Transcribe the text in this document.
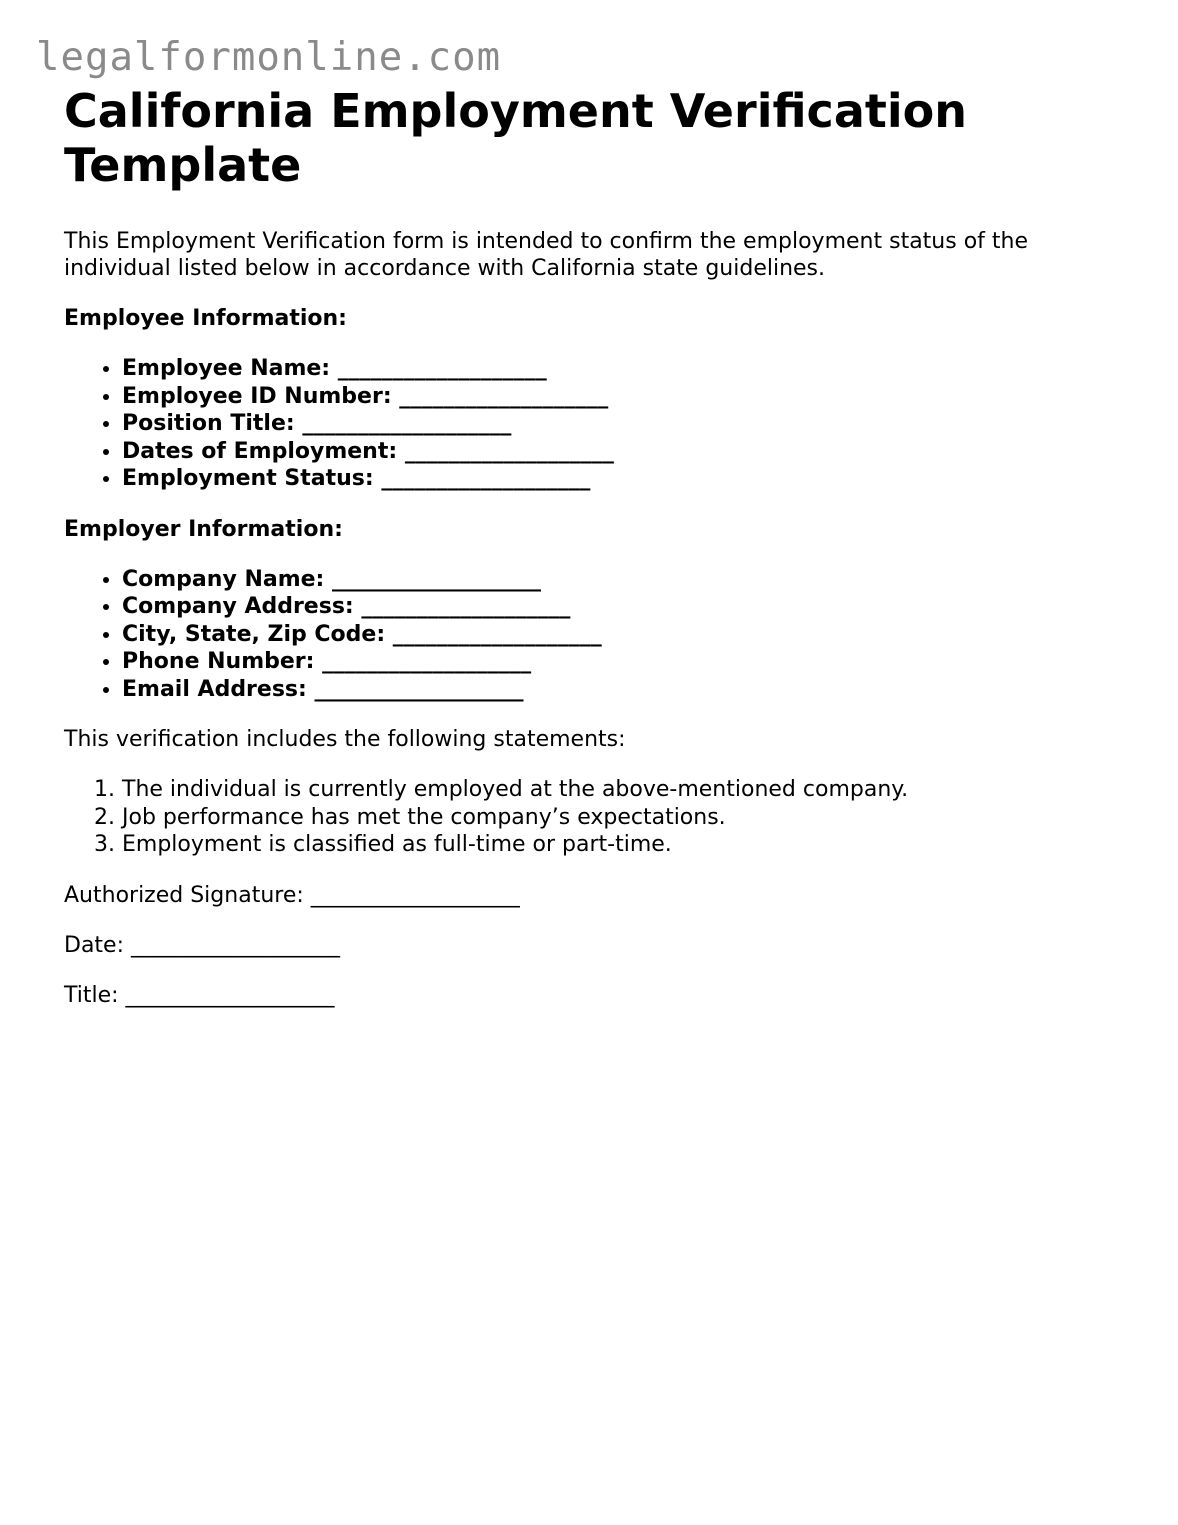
legalformonline.com
California Employment Verification Template

This Employment Verification form is intended to confirm the employment status of the individual listed below in accordance with California state guidelines.

Employee Information:

• Employee Name: ___________________
• Employee ID Number: ___________________
• Position Title: ___________________
• Dates of Employment: ___________________
• Employment Status: ___________________

Employer Information:

• Company Name: ___________________
• Company Address: ___________________
• City, State, Zip Code: ___________________
• Phone Number: ___________________
• Email Address: ___________________

This verification includes the following statements:

1. The individual is currently employed at the above-mentioned company.
2. Job performance has met the company’s expectations.
3. Employment is classified as full-time or part-time.

Authorized Signature: ___________________

Date: ___________________

Title: ___________________
